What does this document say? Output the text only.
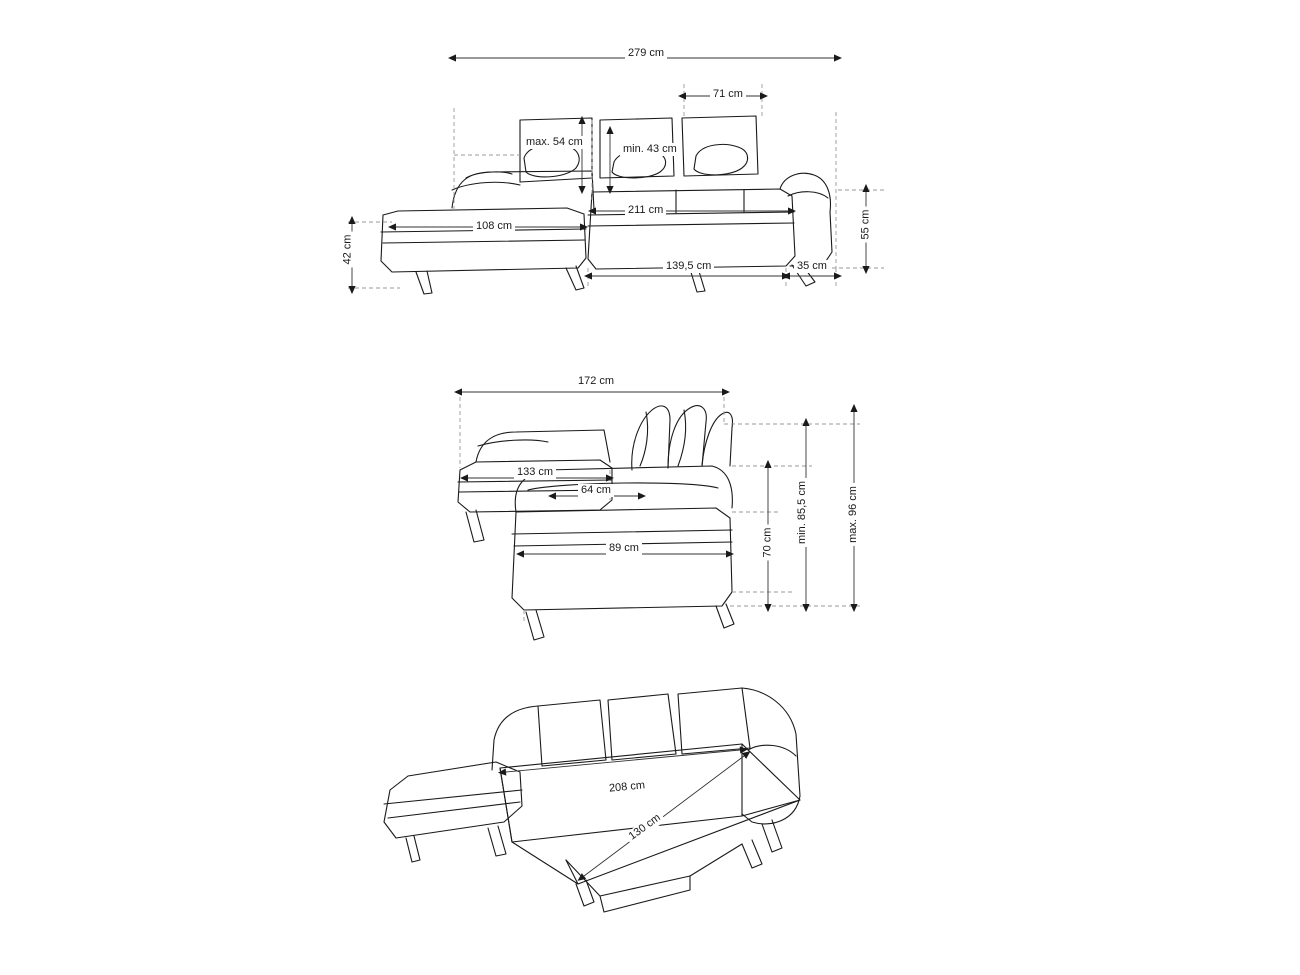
279 cm
71 cm
max. 54 cm
min. 43 cm
108 cm
211 cm
42 cm
55 cm
139,5 cm	35 cm
172 cm
133 cm
64 cm
89 cm	70 cm min. 85,5 cm	max. 96 cm
208 cm
130 cm
